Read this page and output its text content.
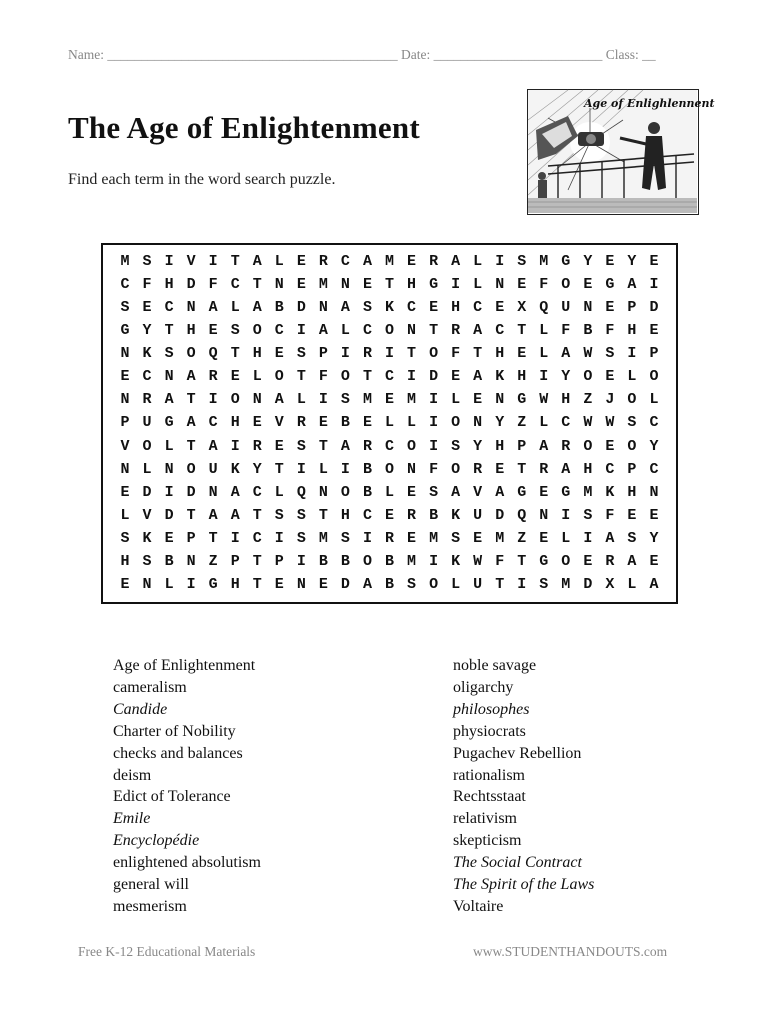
Name: ___________________________________________ Date: _________________________ Class: __
The Age of Enlightenment
Find each term in the word search puzzle.
Age of Enlighlennent
M S I V I T A L E R C A M E R A L I S M G Y E Y E
C F H D F C T N E M N E T H G I L N E F O E G A I
S E C N A L A B D N A S K C E H C E X Q U N E P D
G Y T H E S O C I A L C O N T R A C T L F B F H E
N K S O Q T H E S P I R I T O F T H E L A W S I P
E C N A R E L O T F O T C I D E A K H I Y O E L O
N R A T I O N A L I S M E M I L E N G W H Z J O L
P U G A C H E V R E B E L L I O N Y Z L C W W S C
V O L T A I R E S T A R C O I S Y H P A R O E O Y
N L N O U K Y T I L I B O N F O R E T R A H C P C
E D I D N A C L Q N O B L E S A V A G E G M K H N
L V D T A A T S S T H C E R B K U D Q N I S F E E
S K E P T I C I S M S I R E M S E M Z E L I A S Y
H S B N Z P T P I B B O B M I K W F T G O E R A E
E N L I G H T E N E D A B S O L U T I S M D X L A
Age of Enlightenment
cameralism
Candide
Charter of Nobility
checks and balances
deism
Edict of Tolerance
Emile
Encyclopédie
enlightened absolutism
general will
mesmerism
noble savage
oligarchy
philosophes
physiocrats
Pugachev Rebellion
rationalism
Rechtsstaat
relativism
skepticism
The Social Contract
The Spirit of the Laws
Voltaire
Free K-12 Educational Materials	www.STUDENTHANDOUTS.com
